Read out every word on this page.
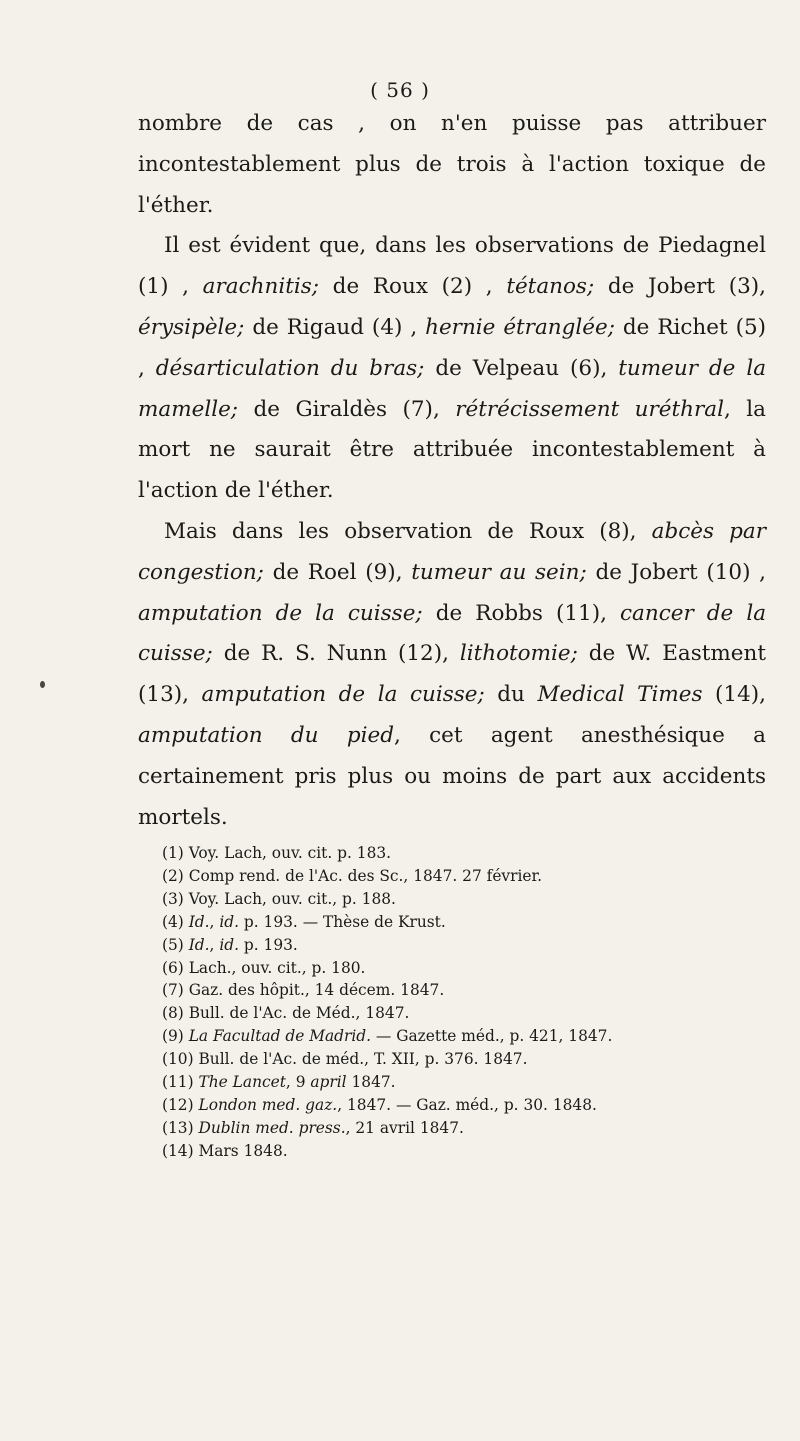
( 56 )

nombre de cas , on n'en puisse pas attribuer incontestablement plus de trois à l'action toxique de l'éther.

Il est évident que, dans les observations de Piedagnel (1) , arachnitis; de Roux (2) , tétanos; de Jobert (3), érysipèle; de Rigaud (4) , hernie étranglée; de Richet (5) , désarticulation du bras; de Velpeau (6), tumeur de la mamelle; de Giraldès (7), rétrécissement uréthral, la mort ne saurait être attribuée incontestablement à l'action de l'éther.

Mais dans les observation de Roux (8), abcès par congestion; de Roel (9), tumeur au sein; de Jobert (10) , amputation de la cuisse; de Robbs (11), cancer de la cuisse; de R. S. Nunn (12), lithotomie; de W. Eastment (13), amputation de la cuisse; du Medical Times (14), amputation du pied, cet agent anesthésique a certainement pris plus ou moins de part aux accidents mortels.

(1) Voy. Lach, ouv. cit. p. 183.
(2) Comp rend. de l'Ac. des Sc., 1847. 27 février.
(3) Voy. Lach, ouv. cit., p. 188.
(4) Id., id. p. 193. — Thèse de Krust.
(5) Id., id. p. 193.
(6) Lach., ouv. cit., p. 180.
(7) Gaz. des hôpit., 14 décem. 1847.
(8) Bull. de l'Ac. de Méd., 1847.
(9) La Facultad de Madrid. — Gazette méd., p. 421, 1847.
(10) Bull. de l'Ac. de méd., T. XII, p. 376. 1847.
(11) The Lancet, 9 april 1847.
(12) London med. gaz., 1847. — Gaz. méd., p. 30. 1848.
(13) Dublin med. press., 21 avril 1847.
(14) Mars 1848.
